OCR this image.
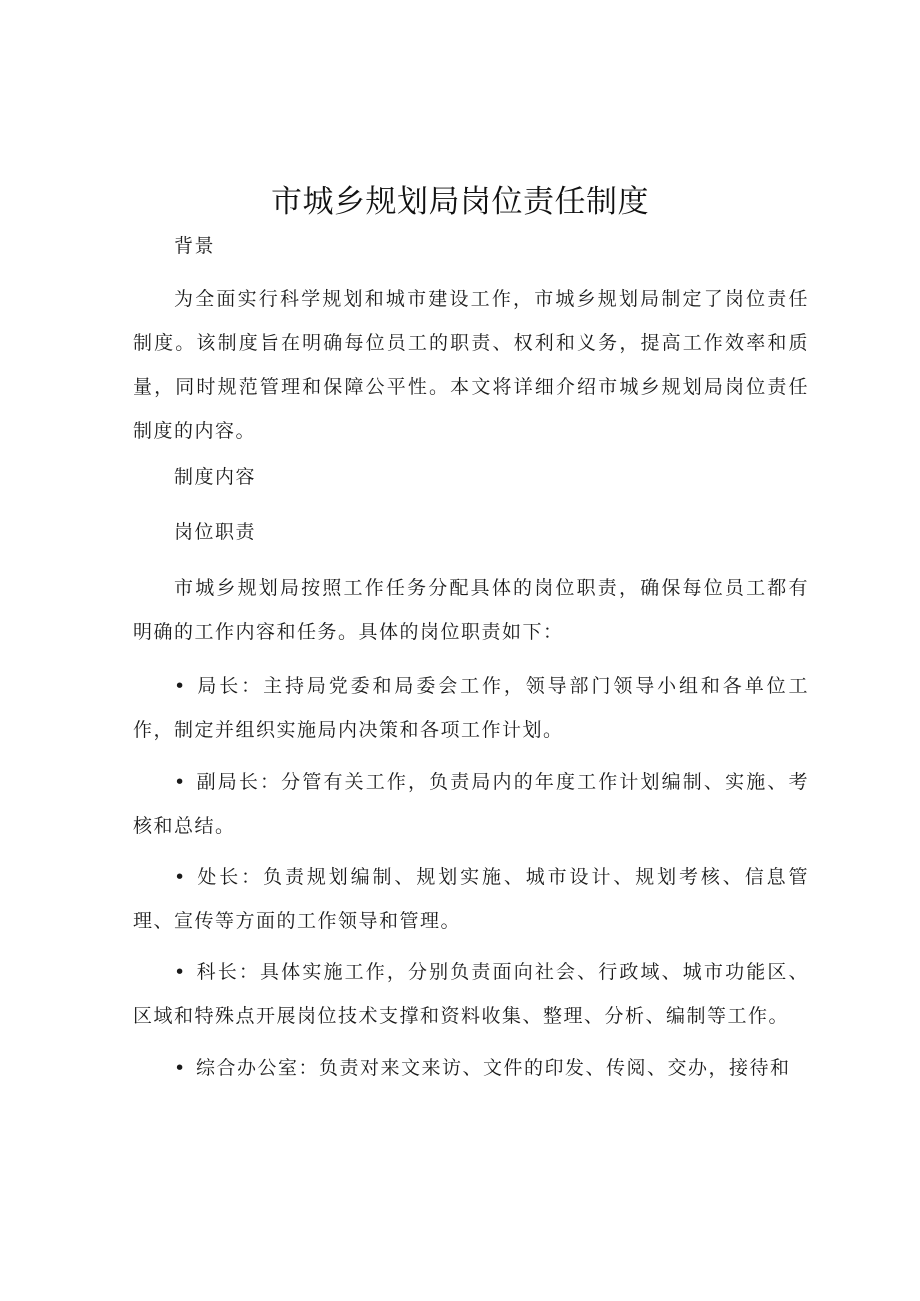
市城乡规划局岗位责任制度
背景

为全面实行科学规划和城市建设工作，市城乡规划局制定了岗位责任制度。该制度旨在明确每位员工的职责、权利和义务，提高工作效率和质量，同时规范管理和保障公平性。本文将详细介绍市城乡规划局岗位责任制度的内容。

制度内容
岗位职责

市城乡规划局按照工作任务分配具体的岗位职责，确保每位员工都有明确的工作内容和任务。具体的岗位职责如下：

• 局长：主持局党委和局委会工作，领导部门领导小组和各单位工作，制定并组织实施局内决策和各项工作计划。

• 副局长：分管有关工作，负责局内的年度工作计划编制、实施、考核和总结。

• 处长：负责规划编制、规划实施、城市设计、规划考核、信息管理、宣传等方面的工作领导和管理。

• 科长：具体实施工作，分别负责面向社会、行政域、城市功能区、区域和特殊点开展岗位技术支撑和资料收集、整理、分析、编制等工作。

• 综合办公室：负责对来文来访、文件的印发、传阅、交办，接待和
